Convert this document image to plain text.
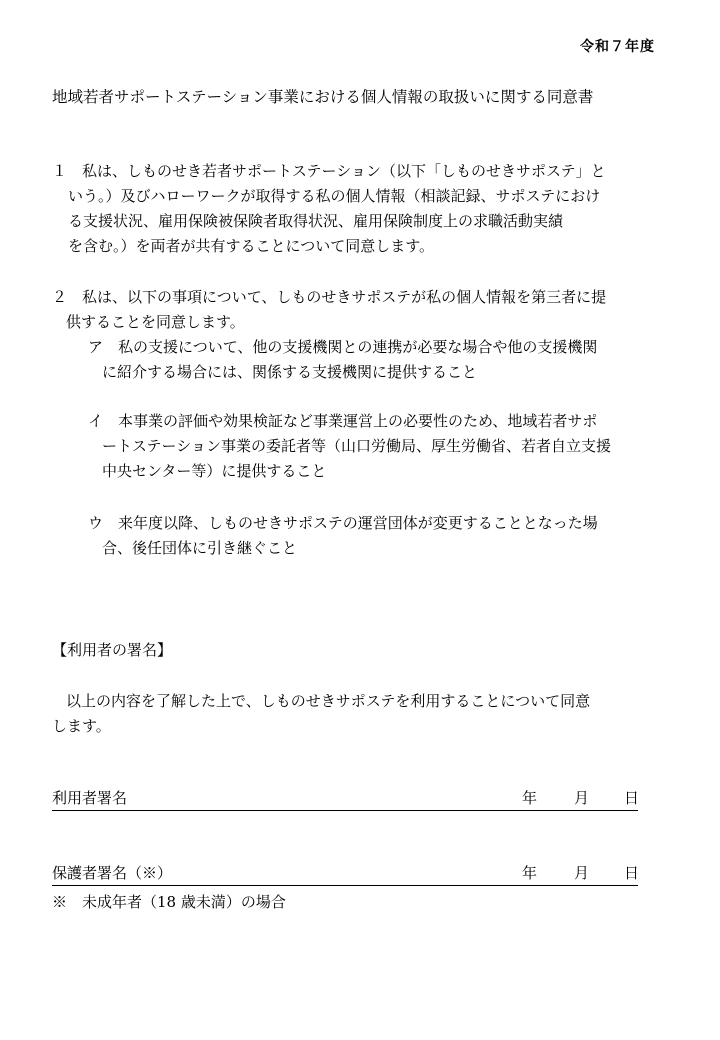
令和７年度
地域若者サポートステーション事業における個人情報の取扱いに関する同意書
１　私は、しものせき若者サポートステーション（以下「しものせきサポステ」と
いう。）及びハローワークが取得する私の個人情報（相談記録、サポステにおけ
る支援状況、雇用保険被保険者取得状況、雇用保険制度上の求職活動実績
を含む。）を両者が共有することについて同意します。
２　私は、以下の事項について、しものせきサポステが私の個人情報を第三者に提
供することを同意します。
ア　私の支援について、他の支援機関との連携が必要な場合や他の支援機関
に紹介する場合には、関係する支援機関に提供すること
イ　本事業の評価や効果検証など事業運営上の必要性のため、地域若者サポ
ートステーション事業の委託者等（山口労働局、厚生労働省、若者自立支援
中央センター等）に提供すること
ウ　来年度以降、しものせきサポステの運営団体が変更することとなった場
合、後任団体に引き継ぐこと
【利用者の署名】
以上の内容を了解した上で、しものせきサポステを利用することについて同意
します。
利用者署名	年 月 日
保護者署名（※）	年 月 日
※　未成年者（18 歳未満）の場合
